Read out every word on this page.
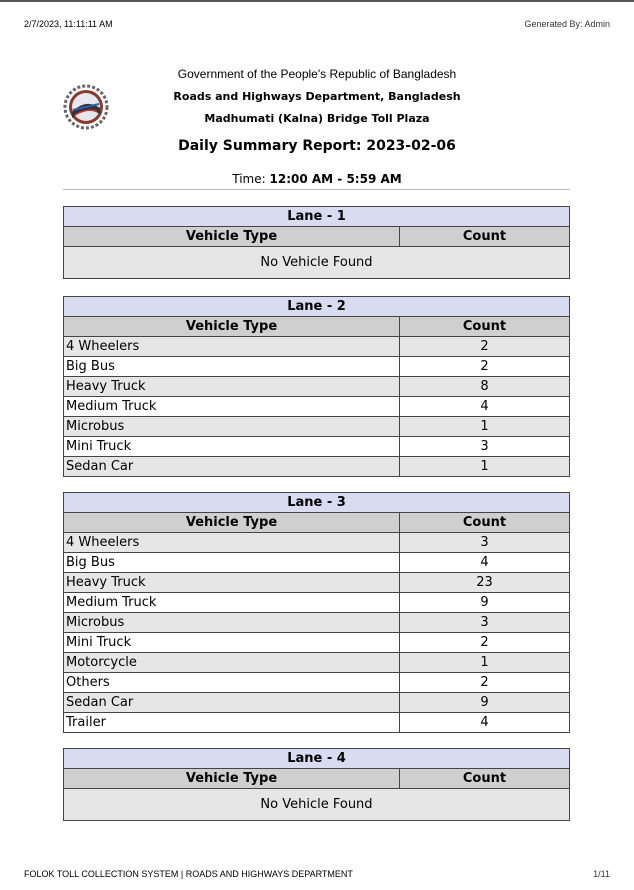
2/7/2023, 11:11:11 AM	Generated By: Admin
Government of the People's Republic of Bangladesh
Roads and Highways Department, Bangladesh
Madhumati (Kalna) Bridge Toll Plaza
Daily Summary Report: 2023-02-06
Time: 12:00 AM - 5:59 AM
Lane - 1
Vehicle Type	Count
No Vehicle Found
Lane - 2
Vehicle Type	Count
4 Wheelers	2
Big Bus	2
Heavy Truck	8
Medium Truck	4
Microbus	1
Mini Truck	3
Sedan Car	1
Lane - 3
Vehicle Type	Count
4 Wheelers	3
Big Bus	4
Heavy Truck	23
Medium Truck	9
Microbus	3
Mini Truck	2
Motorcycle	1
Others	2
Sedan Car	9
Trailer	4
Lane - 4
Vehicle Type	Count
No Vehicle Found
FOLOK TOLL COLLECTION SYSTEM | ROADS AND HIGHWAYS DEPARTMENT	1/11
